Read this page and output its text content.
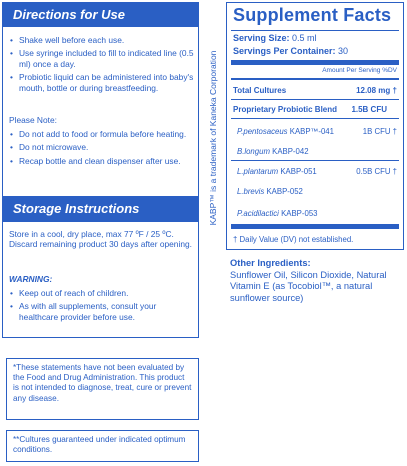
Directions for Use
• Shake well before each use.
• Use syringe included to fill to indicated line (0.5 ml) once a day.
• Probiotic liquid can be administered into baby's mouth, bottle or during breastfeeding.
Please Note:
• Do not add to food or formula before heating.
• Do not microwave.
• Recap bottle and clean dispenser after use.
Storage Instructions
Store in a cool, dry place, max 77 ºF / 25 ºC. Discard remaining product 30 days after opening.
WARNING:
• Keep out of reach of children.
• As with all supplements, consult your healthcare provider before use.
*These statements have not been evaluated by the Food and Drug Administration. This product is not intended to diagnose, treat, cure or prevent any disease.
**Cultures guaranteed under indicated optimum conditions.
KABP™ is a trademark of Kaneka Corporation
Supplement Facts
Serving Size: 0.5 ml
Servings Per Container: 30
Amount Per Serving %DV
Total Cultures	12.08 mg †
Proprietary Probiotic Blend 1.5B CFU
P.pentosaceus KABP™-041	1B CFU †
B.longum KABP-042
L.plantarum KABP-051	0.5B CFU †
L.brevis KABP-052
P.acidilactici KABP-053
† Daily Value (DV) not established.
Other Ingredients:
Sunflower Oil, Silicon Dioxide, Natural Vitamin E (as Tocobiol™, a natural sunflower source)
